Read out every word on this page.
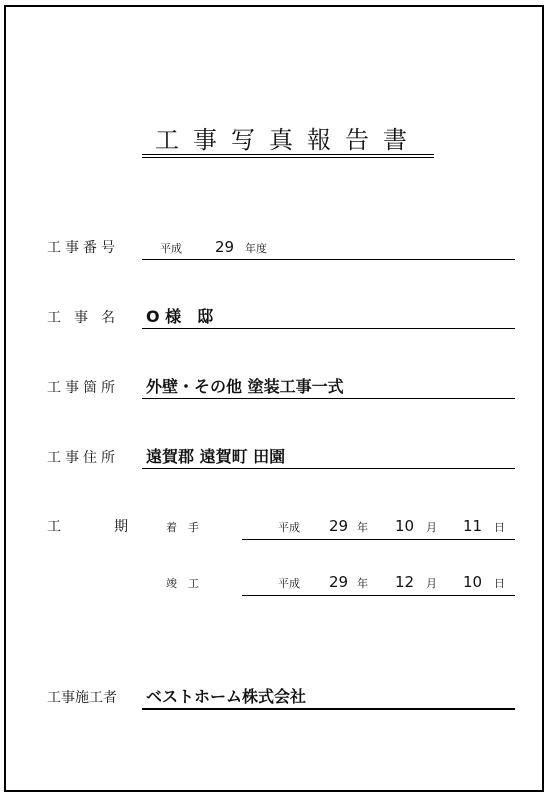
工事写真報告書
工事番号	平成 29 年度
工事名 O 様　邸
工事箇所 外壁・その他 塗装工事一式
工事住所 遠賀郡 遠賀町 田園
工	期	着　手	平成 29 年 10 月 11 日
竣　工	平成 29 年 12 月 10 日
工事施工者 ベストホーム株式会社
